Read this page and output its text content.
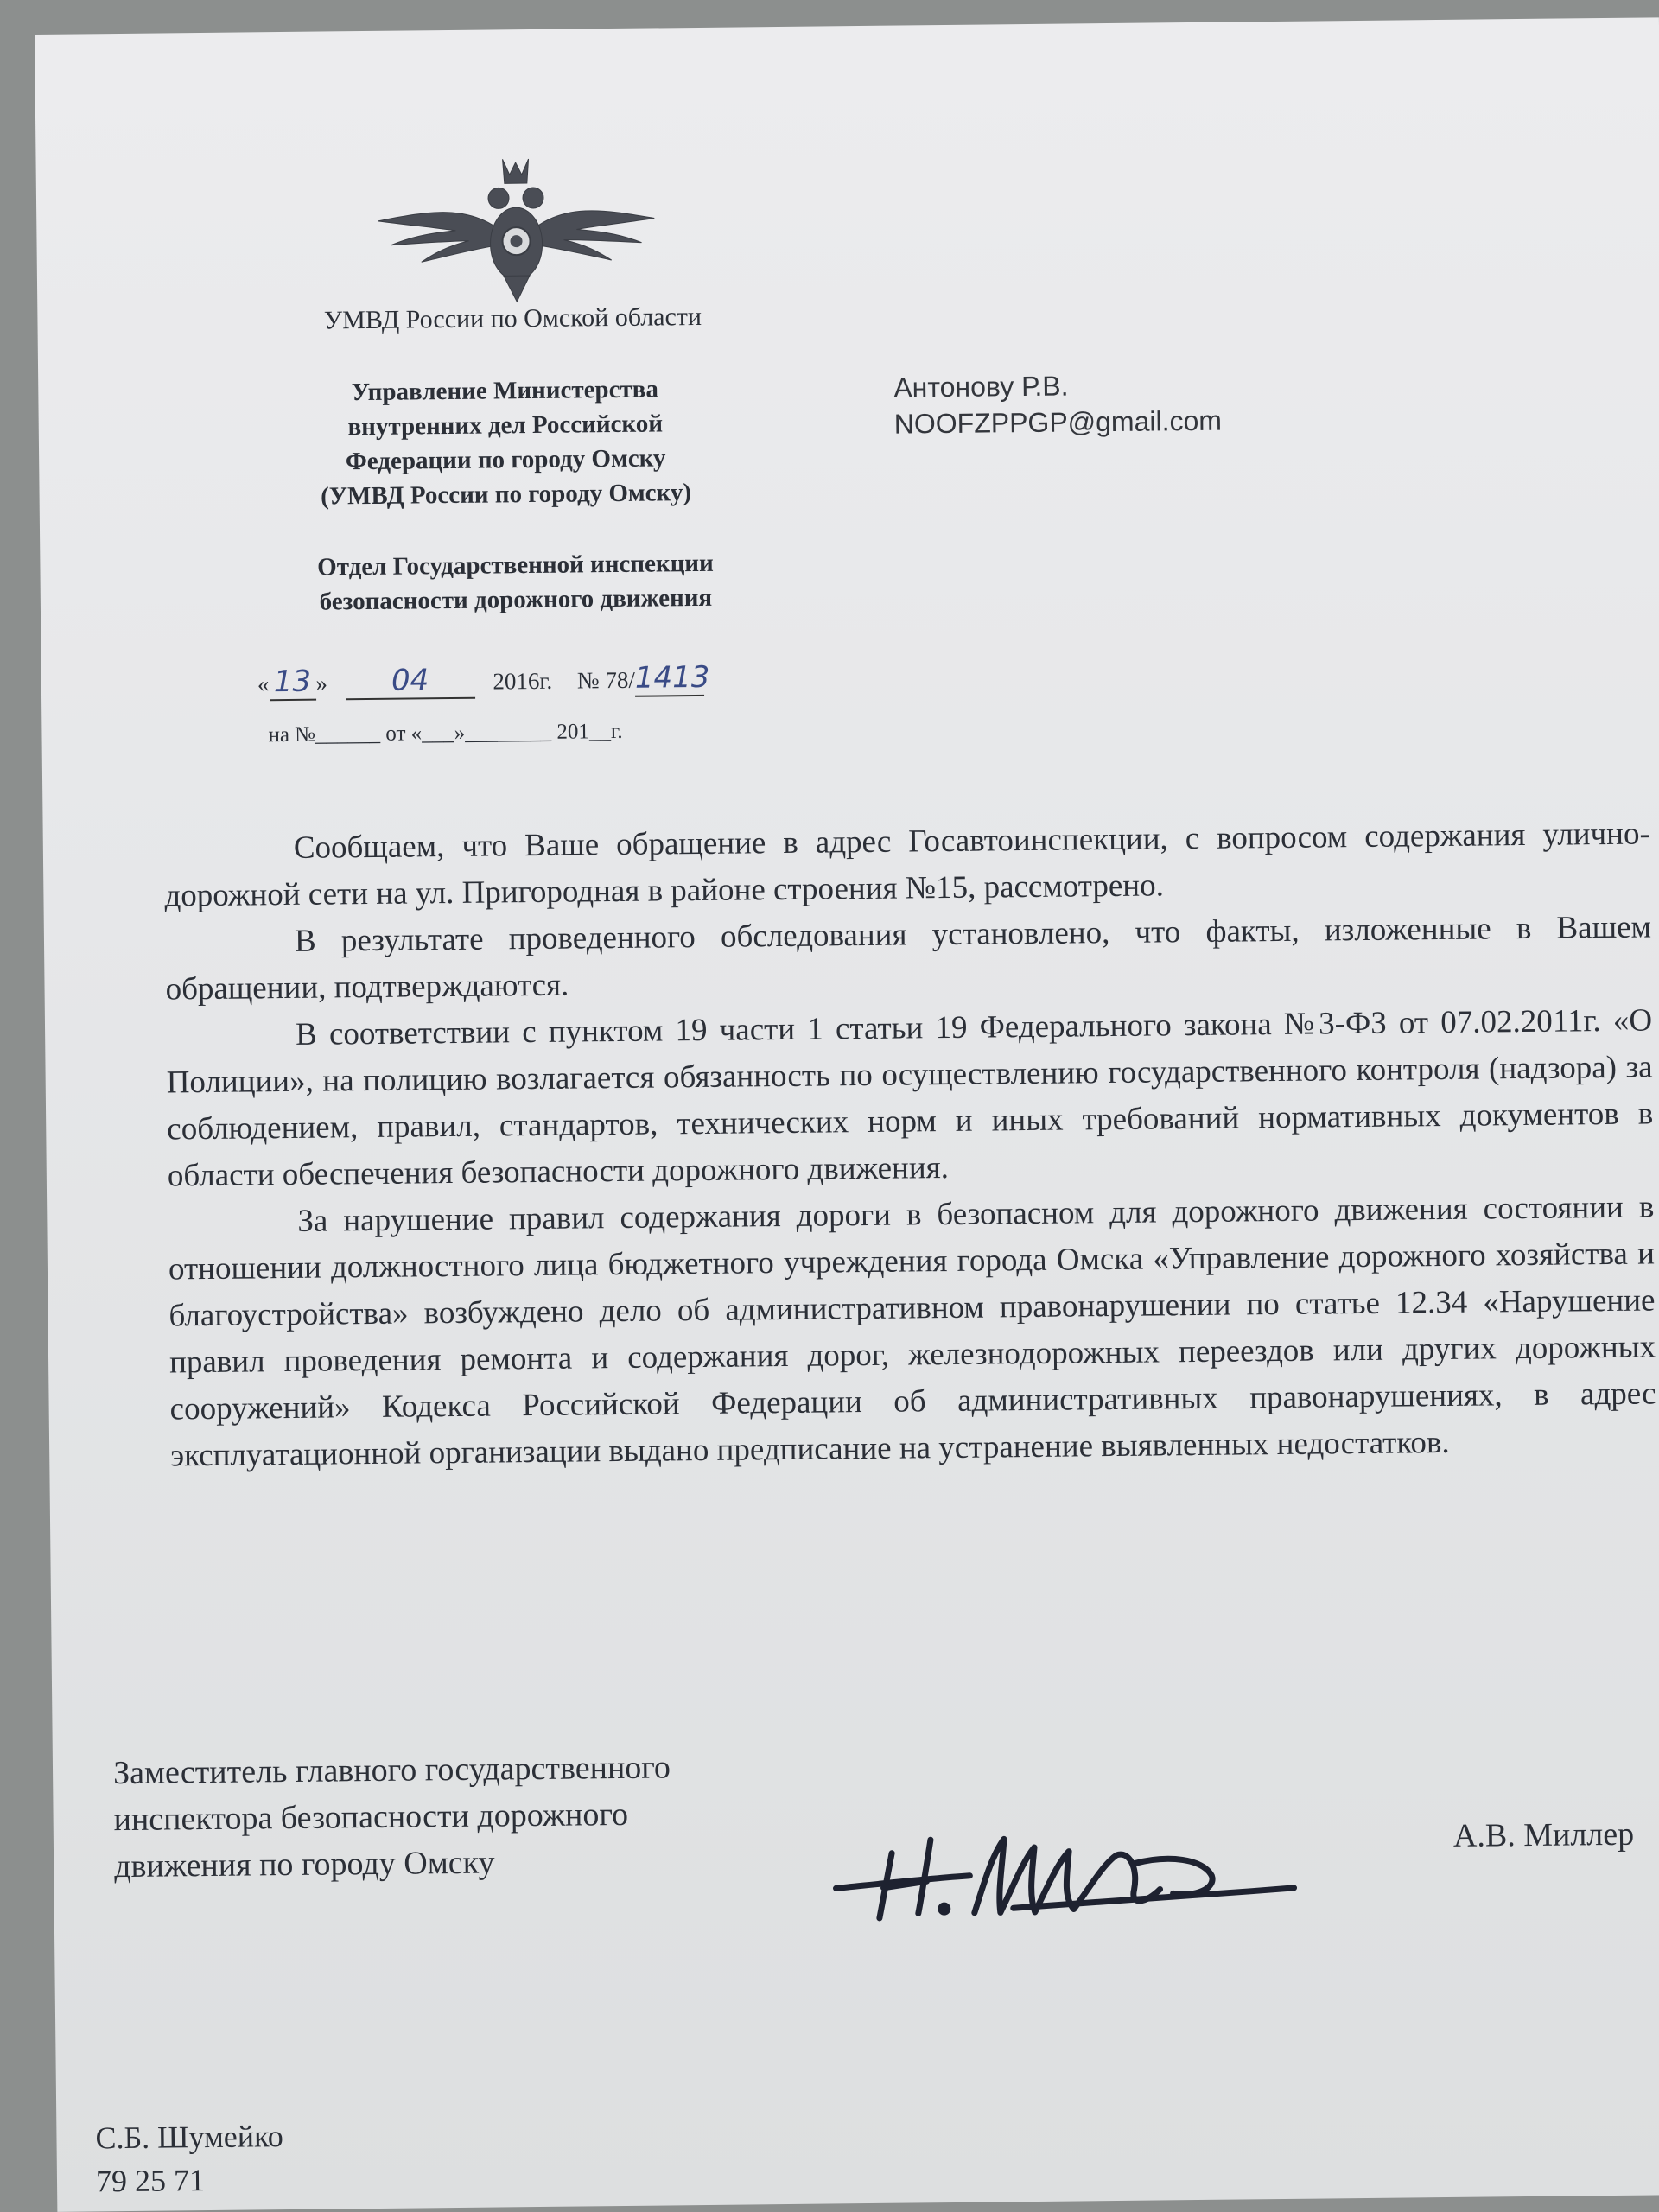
УМВД России по Омской области
Управление Министерства
внутренних дел Российской
Федерации по городу Омску
(УМВД России по городу Омску)
Отдел Государственной инспекции
безопасности дорожного движения
« 13 » 04	2016г. № 78/1413
на №______ от «___»________ 201__г.
Антонову Р.В.
NOOFZPPGP@gmail.com

Сообщаем, что Ваше обращение в адрес Госавтоинспекции, с вопросом содержания улично-дорожной сети на ул. Пригородная в районе строения №15, рассмотрено.

В результате проведенного обследования установлено, что факты, изложенные в Вашем обращении, подтверждаются.

В соответствии с пунктом 19 части 1 статьи 19 Федерального закона №3-ФЗ от 07.02.2011г. «О Полиции», на полицию возлагается обязанность по осуществлению государственного контроля (надзора) за соблюдением, правил, стандартов, технических норм и иных требований нормативных документов в области обеспечения безопасности дорожного движения.

За нарушение правил содержания дороги в безопасном для дорожного движения состоянии в отношении должностного лица бюджетного учреждения города Омска «Управление дорожного хозяйства и благоустройства» возбуждено дело об административном правонарушении по статье 12.34 «Нарушение правил проведения ремонта и содержания дорог, железнодорожных переездов или других дорожных сооружений» Кодекса Российской Федерации об административных правонарушениях, в адрес эксплуатационной организации выдано предписание на устранение выявленных недостатков.

Заместитель главного государственного
инспектора безопасности дорожного
движения по городу Омску
А.В. Миллер
С.Б. Шумейко
79 25 71
